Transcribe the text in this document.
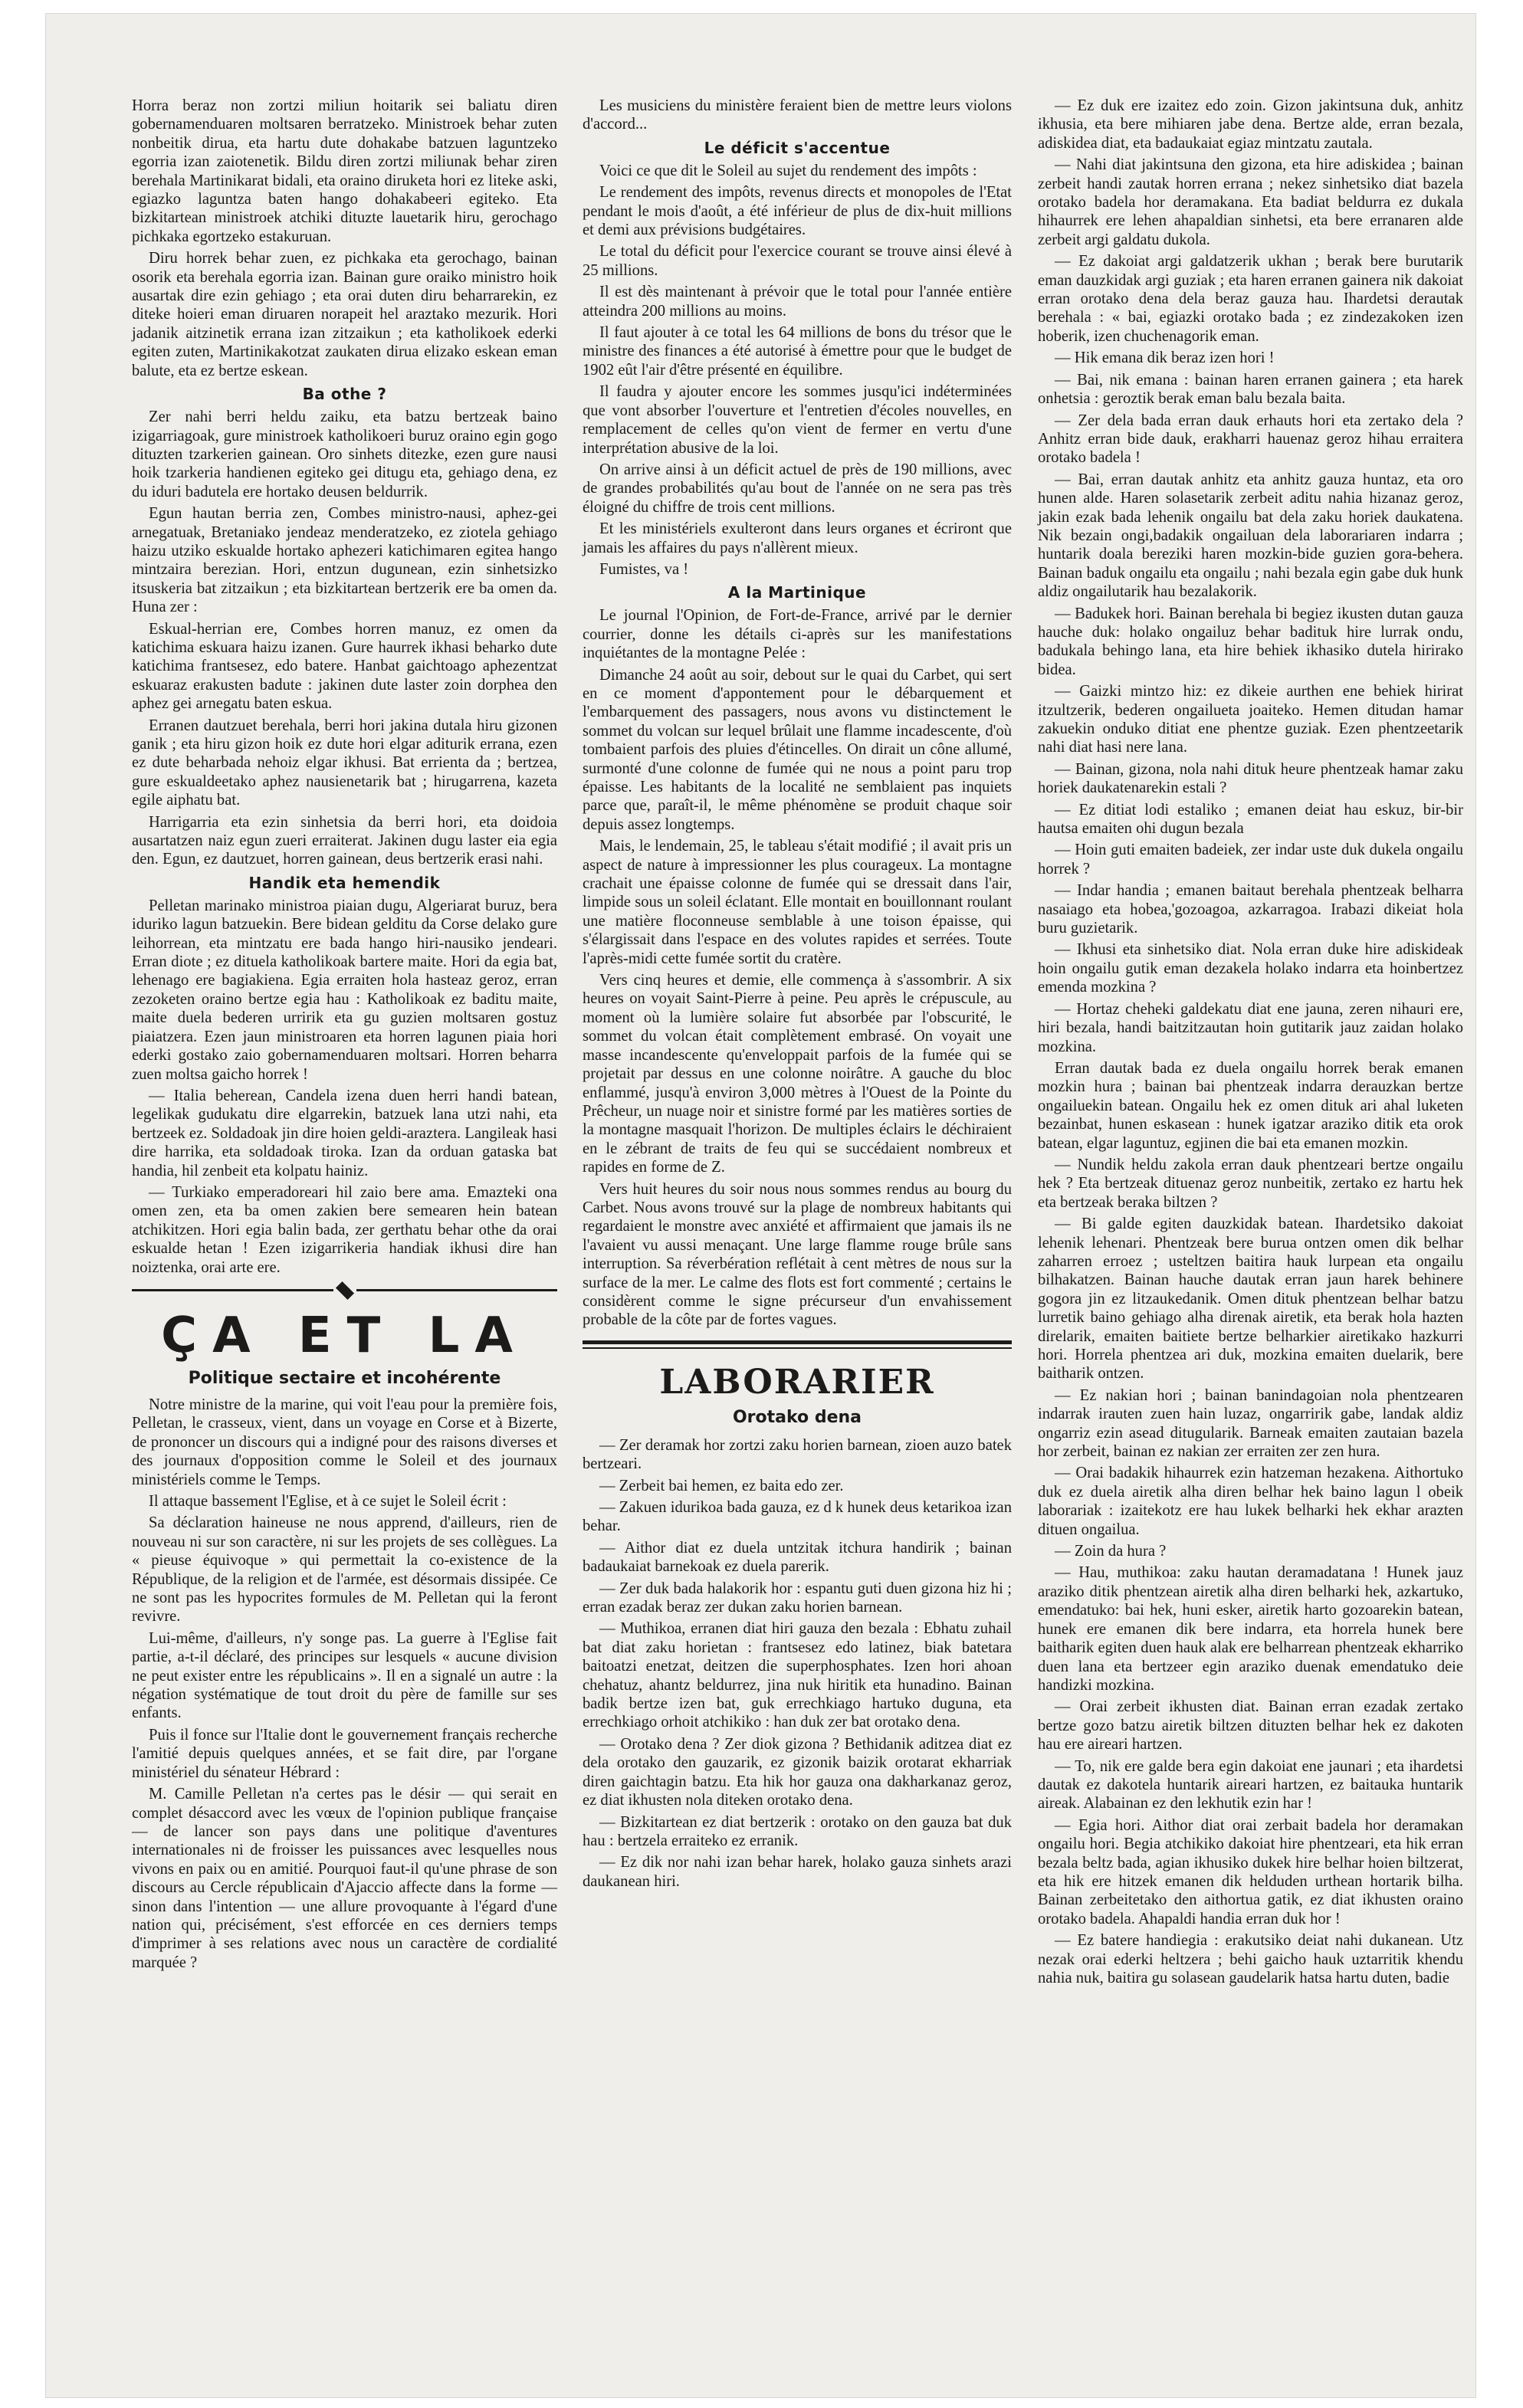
Horra beraz non zortzi miliun hoitarik sei baliatu diren gobernamenduaren moltsaren berratzeko. Ministroek behar zuten nonbeitik dirua, eta hartu dute dohakabe batzuen laguntzeko egorria izan zaiotenetik. Bildu diren zortzi miliunak behar ziren berehala Martinikarat bidali, eta oraino diruketa hori ez liteke aski, egiazko laguntza baten hango dohakabeeri egiteko. Eta bizkitartean ministroek atchiki dituzte lauetarik hiru, gerochago pichkaka egortzeko estakuruan.

Diru horrek behar zuen, ez pichkaka eta gerochago, bainan osorik eta berehala egorria izan. Bainan gure oraiko ministro hoik ausartak dire ezin gehiago ; eta orai duten diru beharrarekin, ez diteke hoieri eman diruaren norapeit hel araztako mezurik. Hori jadanik aitzinetik errana izan zitzaikun ; eta katholikoek ederki egiten zuten, Martinikakotzat zaukaten dirua elizako eskean eman balute, eta ez bertze eskean.

Ba othe ?

Zer nahi berri heldu zaiku, eta batzu bertzeak baino izigarriagoak, gure ministroek katholikoeri buruz oraino egin gogo dituzten tzarkerien gainean. Oro sinhets ditezke, ezen gure nausi hoik tzarkeria handienen egiteko gei ditugu eta, gehiago dena, ez du iduri badutela ere hortako deusen beldurrik.

Egun hautan berria zen, Combes ministro-nausi, aphez-gei arnegatuak, Bretaniako jendeaz menderatzeko, ez ziotela gehiago haizu utziko eskualde hortako aphezeri katichimaren egitea hango mintzaira berezian. Hori, entzun dugunean, ezin sinhetsizko itsuskeria bat zitzaikun ; eta bizkitartean bertzerik ere ba omen da. Huna zer :

Eskual-herrian ere, Combes horren manuz, ez omen da katichima eskuara haizu izanen. Gure haurrek ikhasi beharko dute katichima frantsesez, edo batere. Hanbat gaichtoago aphezentzat eskuaraz erakusten badute : jakinen dute laster zoin dorphea den aphez gei arnegatu baten eskua.

Erranen dautzuet berehala, berri hori jakina dutala hiru gizonen ganik ; eta hiru gizon hoik ez dute hori elgar aditurik errana, ezen ez dute beharbada nehoiz elgar ikhusi. Bat errienta da ; bertzea, gure eskualdeetako aphez nausienetarik bat ; hirugarrena, kazeta egile aiphatu bat.

Harrigarria eta ezin sinhetsia da berri hori, eta doidoia ausartatzen naiz egun zueri erraiterat. Jakinen dugu laster eia egia den. Egun, ez dautzuet, horren gainean, deus bertzerik erasi nahi.

Handik eta hemendik

Pelletan marinako ministroa piaian dugu, Algeriarat buruz, bera iduriko lagun batzuekin. Bere bidean gelditu da Corse delako gure leihorrean, eta mintzatu ere bada hango hiri-nausiko jendeari. Erran diote ; ez dituela katholikoak bartere maite. Hori da egia bat, lehenago ere bagiakiena. Egia erraiten hola hasteaz geroz, erran zezoketen oraino bertze egia hau : Katholikoak ez baditu maite, maite duela bederen urririk eta gu guzien moltsaren gostuz piaiatzera. Ezen jaun ministroaren eta horren lagunen piaia hori ederki gostako zaio gobernamenduaren moltsari. Horren beharra zuen moltsa gaicho horrek !

— Italia beherean, Candela izena duen herri handi batean, legelikak gudukatu dire elgarrekin, batzuek lana utzi nahi, eta bertzeek ez. Soldadoak jin dire hoien geldi-araztera. Langileak hasi dire harrika, eta soldadoak tiroka. Izan da orduan gataska bat handia, hil zenbeit eta kolpatu hainiz.

— Turkiako emperadoreari hil zaio bere ama. Emazteki ona omen zen, eta ba omen zakien bere semearen hein batean atchikitzen. Hori egia balin bada, zer gerthatu behar othe da orai eskualde hetan ! Ezen izigarrikeria handiak ikhusi dire han noiztenka, orai arte ere.

ÇA ET LA
Politique sectaire et incohérente

Notre ministre de la marine, qui voit l'eau pour la première fois, Pelletan, le crasseux, vient, dans un voyage en Corse et à Bizerte, de prononcer un discours qui a indigné pour des raisons diverses et des journaux d'opposition comme le Soleil et des journaux ministériels comme le Temps.

Il attaque bassement l'Eglise, et à ce sujet le Soleil écrit :

Sa déclaration haineuse ne nous apprend, d'ailleurs, rien de nouveau ni sur son caractère, ni sur les projets de ses collègues. La « pieuse équivoque » qui permettait la co-existence de la République, de la religion et de l'armée, est désormais dissipée. Ce ne sont pas les hypocrites formules de M. Pelletan qui la feront revivre.

Lui-même, d'ailleurs, n'y songe pas. La guerre à l'Eglise fait partie, a-t-il déclaré, des principes sur lesquels « aucune division ne peut exister entre les républicains ». Il en a signalé un autre : la négation systématique de tout droit du père de famille sur ses enfants.

Puis il fonce sur l'Italie dont le gouvernement français recherche l'amitié depuis quelques années, et se fait dire, par l'organe ministériel du sénateur Hébrard :

M. Camille Pelletan n'a certes pas le désir — qui serait en complet désaccord avec les vœux de l'opinion publique française — de lancer son pays dans une politique d'aventures internationales ni de froisser les puissances avec lesquelles nous vivons en paix ou en amitié. Pourquoi faut-il qu'une phrase de son discours au Cercle républicain d'Ajaccio affecte dans la forme — sinon dans l'intention — une allure provoquante à l'égard d'une nation qui, précisément, s'est efforcée en ces derniers temps d'imprimer à ses relations avec nous un caractère de cordialité marquée ?

Les musiciens du ministère feraient bien de mettre leurs violons d'accord...

Le déficit s'accentue

Voici ce que dit le Soleil au sujet du rendement des impôts :

Le rendement des impôts, revenus directs et monopoles de l'Etat pendant le mois d'août, a été inférieur de plus de dix-huit millions et demi aux prévisions budgétaires.

Le total du déficit pour l'exercice courant se trouve ainsi élevé à 25 millions.

Il est dès maintenant à prévoir que le total pour l'année entière atteindra 200 millions au moins.

Il faut ajouter à ce total les 64 millions de bons du trésor que le ministre des finances a été autorisé à émettre pour que le budget de 1902 eût l'air d'être présenté en équilibre.

Il faudra y ajouter encore les sommes jusqu'ici indéterminées que vont absorber l'ouverture et l'entretien d'écoles nouvelles, en remplacement de celles qu'on vient de fermer en vertu d'une interprétation abusive de la loi.

On arrive ainsi à un déficit actuel de près de 190 millions, avec de grandes probabilités qu'au bout de l'année on ne sera pas très éloigné du chiffre de trois cent millions.

Et les ministériels exulteront dans leurs organes et écriront que jamais les affaires du pays n'allèrent mieux.

Fumistes, va !

A la Martinique

Le journal l'Opinion, de Fort-de-France, arrivé par le dernier courrier, donne les détails ci-après sur les manifestations inquiétantes de la montagne Pelée :

Dimanche 24 août au soir, debout sur le quai du Carbet, qui sert en ce moment d'appontement pour le débarquement et l'embarquement des passagers, nous avons vu distinctement le sommet du volcan sur lequel brûlait une flamme incadescente, d'où tombaient parfois des pluies d'étincelles. On dirait un cône allumé, surmonté d'une colonne de fumée qui ne nous a point paru trop épaisse. Les habitants de la localité ne semblaient pas inquiets parce que, paraît-il, le même phénomène se produit chaque soir depuis assez longtemps.

Mais, le lendemain, 25, le tableau s'était modifié ; il avait pris un aspect de nature à impressionner les plus courageux. La montagne crachait une épaisse colonne de fumée qui se dressait dans l'air, limpide sous un soleil éclatant. Elle montait en bouillonnant roulant une matière floconneuse semblable à une toison épaisse, qui s'élargissait dans l'espace en des volutes rapides et serrées. Toute l'après-midi cette fumée sortit du cratère.

Vers cinq heures et demie, elle commença à s'assombrir. A six heures on voyait Saint-Pierre à peine. Peu après le crépuscule, au moment où la lumière solaire fut absorbée par l'obscurité, le sommet du volcan était complètement embrasé. On voyait une masse incandescente qu'enveloppait parfois de la fumée qui se projetait par dessus en une colonne noirâtre. A gauche du bloc enflammé, jusqu'à environ 3,000 mètres à l'Ouest de la Pointe du Prêcheur, un nuage noir et sinistre formé par les matières sorties de la montagne masquait l'horizon. De multiples éclairs le déchiraient en le zébrant de traits de feu qui se succédaient nombreux et rapides en forme de Z.

Vers huit heures du soir nous nous sommes rendus au bourg du Carbet. Nous avons trouvé sur la plage de nombreux habitants qui regardaient le monstre avec anxiété et affirmaient que jamais ils ne l'avaient vu aussi menaçant. Une large flamme rouge brûle sans interruption. Sa réverbération reflétait à cent mètres de nous sur la surface de la mer. Le calme des flots est fort commenté ; certains le considèrent comme le signe précurseur d'un envahissement probable de la côte par de fortes vagues.

LABORARIER
Orotako dena

— Zer deramak hor zortzi zaku horien barnean, zioen auzo batek bertzeari.

— Zerbeit bai hemen, ez baita edo zer.

— Zakuen idurikoa bada gauza, ez d k hunek deus ketarikoa izan behar.

— Aithor diat ez duela untzitak itchura handirik ; bainan badaukaiat barnekoak ez duela parerik.

— Zer duk bada halakorik hor : espantu guti duen gizona hiz hi ; erran ezadak beraz zer dukan zaku horien barnean.

— Muthikoa, erranen diat hiri gauza den bezala : Ebhatu zuhail bat diat zaku horietan : frantsesez edo latinez, biak batetara baitoatzi enetzat, deitzen die superphosphates. Izen hori ahoan chehatuz, ahantz beldurrez, jina nuk hiritik eta hunadino. Bainan badik bertze izen bat, guk errechkiago hartuko duguna, eta errechkiago orhoit atchikiko : han duk zer bat orotako dena.

— Orotako dena ? Zer diok gizona ? Bethidanik aditzea diat ez dela orotako den gauzarik, ez gizonik baizik orotarat ekharriak diren gaichtagin batzu. Eta hik hor gauza ona dakharkanaz geroz, ez diat ikhusten nola diteken orotako dena.

— Bizkitartean ez diat bertzerik : orotako on den gauza bat duk hau : bertzela erraiteko ez erranik.

— Ez dik nor nahi izan behar harek, holako gauza sinhets arazi daukanean hiri.

— Ez duk ere izaitez edo zoin. Gizon jakintsuna duk, anhitz ikhusia, eta bere mihiaren jabe dena. Bertze alde, erran bezala, adiskidea diat, eta badaukaiat egiaz mintzatu zautala.

— Nahi diat jakintsuna den gizona, eta hire adiskidea ; bainan zerbeit handi zautak horren errana ; nekez sinhetsiko diat bazela orotako badela hor deramakana. Eta badiat beldurra ez dukala hihaurrek ere lehen ahapaldian sinhetsi, eta bere erranaren alde zerbeit argi galdatu dukola.

— Ez dakoiat argi galdatzerik ukhan ; berak bere burutarik eman dauzkidak argi guziak ; eta haren erranen gainera nik dakoiat erran orotako dena dela beraz gauza hau. Ihardetsi derautak berehala : « bai, egiazki orotako bada ; ez zindezakoken izen hoberik, izen chuchenagorik eman.

— Hik emana dik beraz izen hori !

— Bai, nik emana : bainan haren erranen gainera ; eta harek onhetsia : geroztik berak eman balu bezala baita.

— Zer dela bada erran dauk erhauts hori eta zertako dela ? Anhitz erran bide dauk, erakharri hauenaz geroz hihau erraitera orotako badela !

— Bai, erran dautak anhitz eta anhitz gauza huntaz, eta oro hunen alde. Haren solasetarik zerbeit aditu nahia hizanaz geroz, jakin ezak bada lehenik ongailu bat dela zaku horiek daukatena. Nik bezain ongi,badakik ongailuan dela laborariaren indarra ; huntarik doala bereziki haren mozkin-bide guzien gora-behera. Bainan baduk ongailu eta ongailu ; nahi bezala egin gabe duk hunk aldiz ongailutarik hau bezalakorik.

— Badukek hori. Bainan berehala bi begiez ikusten dutan gauza hauche duk: holako ongailuz behar badituk hire lurrak ondu, badukala behingo lana, eta hire behiek ikhasiko dutela hirirako bidea.

— Gaizki mintzo hiz: ez dikeie aurthen ene behiek hirirat itzultzerik, bederen ongailueta joaiteko. Hemen ditudan hamar zakuekin onduko ditiat ene phentze guziak. Ezen phentzeetarik nahi diat hasi nere lana.

— Bainan, gizona, nola nahi dituk heure phentzeak hamar zaku horiek daukatenarekin estali ?

— Ez ditiat lodi estaliko ; emanen deiat hau eskuz, bir-bir hautsa emaiten ohi dugun bezala

— Hoin guti emaiten badeiek, zer indar uste duk dukela ongailu horrek ?

— Indar handia ; emanen baitaut berehala phentzeak belharra nasaiago eta hobea,'gozoagoa, azkarragoa. Irabazi dikeiat hola buru guzietarik.

— Ikhusi eta sinhetsiko diat. Nola erran duke hire adiskideak hoin ongailu gutik eman dezakela holako indarra eta hoinbertzez emenda mozkina ?

— Hortaz cheheki galdekatu diat ene jauna, zeren nihauri ere, hiri bezala, handi baitzitzautan hoin gutitarik jauz zaidan holako mozkina.

Erran dautak bada ez duela ongailu horrek berak emanen mozkin hura ; bainan bai phentzeak indarra derauzkan bertze ongailuekin batean. Ongailu hek ez omen dituk ari ahal luketen bezainbat, hunen eskasean : hunek igatzar araziko ditik eta orok batean, elgar laguntuz, egjinen die bai eta emanen mozkin.

— Nundik heldu zakola erran dauk phentzeari bertze ongailu hek ? Eta bertzeak dituenaz geroz nunbeitik, zertako ez hartu hek eta bertzeak beraka biltzen ?

— Bi galde egiten dauzkidak batean. Ihardetsiko dakoiat lehenik lehenari. Phentzeak bere burua ontzen omen dik belhar zaharren erroez ; usteltzen baitira hauk lurpean eta ongailu bilhakatzen. Bainan hauche dautak erran jaun harek behinere gogora jin ez litzaukedanik. Omen dituk phentzean belhar batzu lurretik baino gehiago alha direnak airetik, eta berak hola hazten direlarik, emaiten baitiete bertze belharkier airetikako hazkurri hori. Horrela phentzea ari duk, mozkina emaiten duelarik, bere baitharik ontzen.

— Ez nakian hori ; bainan banindagoian nola phentzearen indarrak irauten zuen hain luzaz, ongarririk gabe, landak aldiz ongarriz ezin asead ditugularik. Barneak emaiten zautaian bazela hor zerbeit, bainan ez nakian zer erraiten zer zen hura.

— Orai badakik hihaurrek ezin hatzeman hezakena. Aithortuko duk ez duela airetik alha diren belhar hek baino lagun l obeik laborariak : izaitekotz ere hau lukek belharki hek ekhar arazten dituen ongailua.

— Zoin da hura ?

— Hau, muthikoa: zaku hautan deramadatana ! Hunek jauz araziko ditik phentzean airetik alha diren belharki hek, azkartuko, emendatuko: bai hek, huni esker, airetik harto gozoarekin batean, hunek ere emanen dik bere indarra, eta horrela hunek bere baitharik egiten duen hauk alak ere belharrean phentzeak ekharriko duen lana eta bertzeer egin araziko duenak emendatuko deie handizki mozkina.

— Orai zerbeit ikhusten diat. Bainan erran ezadak zertako bertze gozo batzu airetik biltzen dituzten belhar hek ez dakoten hau ere aireari hartzen.

— To, nik ere galde bera egin dakoiat ene jaunari ; eta ihardetsi dautak ez dakotela huntarik aireari hartzen, ez baitauka huntarik aireak. Alabainan ez den lekhutik ezin har !

— Egia hori. Aithor diat orai zerbait badela hor deramakan ongailu hori. Begia atchikiko dakoiat hire phentzeari, eta hik erran bezala beltz bada, agian ikhusiko dukek hire belhar hoien biltzerat, eta hik ere hitzek emanen dik helduden urthean hortarik bilha. Bainan zerbeitetako den aithortua gatik, ez diat ikhusten oraino orotako badela. Ahapaldi handia erran duk hor !

— Ez batere handiegia : erakutsiko deiat nahi dukanean. Utz nezak orai ederki heltzera ; behi gaicho hauk uztarritik khendu nahia nuk, baitira gu solasean gaudelarik hatsa hartu duten, badie
